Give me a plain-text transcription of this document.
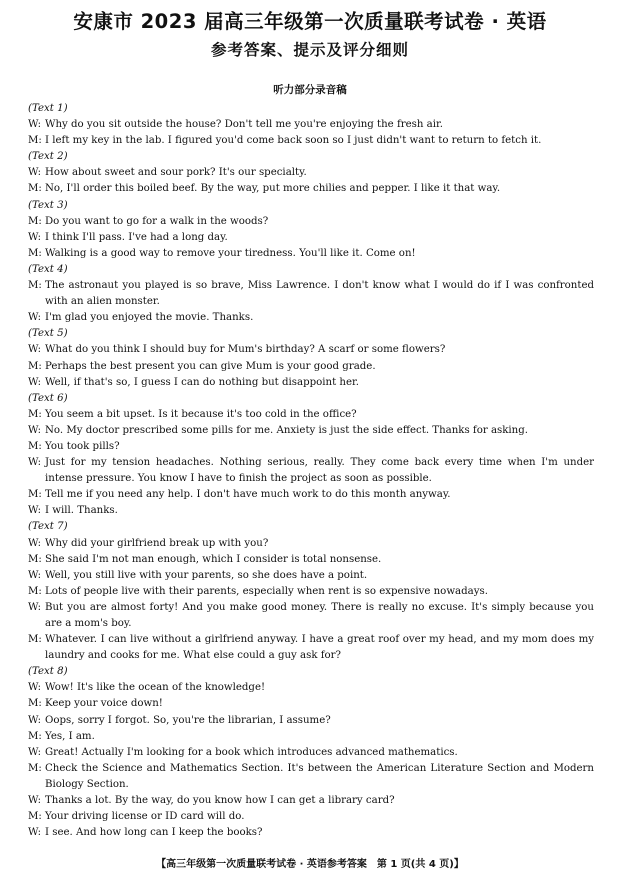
安康市 2023 届高三年级第一次质量联考试卷 · 英语
参考答案、提示及评分细则
听力部分录音稿
(Text 1)
W: Why do you sit outside the house? Don't tell me you're enjoying the fresh air.
M: I left my key in the lab. I figured you'd come back soon so I just didn't want to return to fetch it.
(Text 2)
W: How about sweet and sour pork? It's our specialty.
M: No, I'll order this boiled beef. By the way, put more chilies and pepper. I like it that way.
(Text 3)
M: Do you want to go for a walk in the woods?
W: I think I'll pass. I've had a long day.
M: Walking is a good way to remove your tiredness. You'll like it. Come on!
(Text 4)
M: The astronaut you played is so brave, Miss Lawrence. I don't know what I would do if I was confronted with an alien monster.
W: I'm glad you enjoyed the movie. Thanks.
(Text 5)
W: What do you think I should buy for Mum's birthday? A scarf or some flowers?
M: Perhaps the best present you can give Mum is your good grade.
W: Well, if that's so, I guess I can do nothing but disappoint her.
(Text 6)
M: You seem a bit upset. Is it because it's too cold in the office?
W: No. My doctor prescribed some pills for me. Anxiety is just the side effect. Thanks for asking.
M: You took pills?
W: Just for my tension headaches. Nothing serious, really. They come back every time when I'm under intense pressure. You know I have to finish the project as soon as possible.
M: Tell me if you need any help. I don't have much work to do this month anyway.
W: I will. Thanks.
(Text 7)
W: Why did your girlfriend break up with you?
M: She said I'm not man enough, which I consider is total nonsense.
W: Well, you still live with your parents, so she does have a point.
M: Lots of people live with their parents, especially when rent is so expensive nowadays.
W: But you are almost forty! And you make good money. There is really no excuse. It's simply because you are a mom's boy.
M: Whatever. I can live without a girlfriend anyway. I have a great roof over my head, and my mom does my laundry and cooks for me. What else could a guy ask for?
(Text 8)
W: Wow! It's like the ocean of the knowledge!
M: Keep your voice down!
W: Oops, sorry I forgot. So, you're the librarian, I assume?
M: Yes, I am.
W: Great! Actually I'm looking for a book which introduces advanced mathematics.
M: Check the Science and Mathematics Section. It's between the American Literature Section and Modern Biology Section.
W: Thanks a lot. By the way, do you know how I can get a library card?
M: Your driving license or ID card will do.
W: I see. And how long can I keep the books?
【高三年级第一次质量联考试卷 · 英语参考答案　第 1 页(共 4 页)】
